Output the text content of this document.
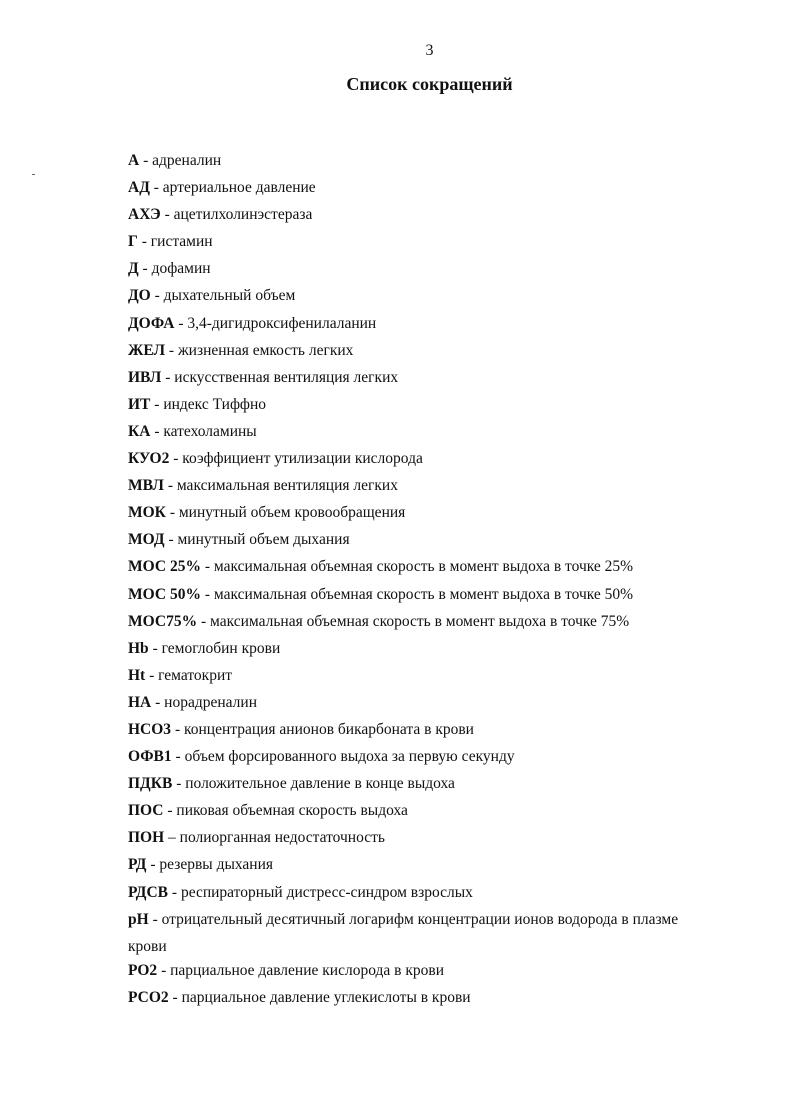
3
Список сокращений
А - адреналин
АД - артериальное давление
АХЭ - ацетилхолинэстераза
Г - гистамин
Д - дофамин
ДО - дыхательный объем
ДОФА - 3,4-дигидроксифенилаланин
ЖЕЛ - жизненная емкость легких
ИВЛ - искусственная вентиляция легких
ИТ - индекс Тиффно
КА - катехоламины
КУО2 - коэффициент утилизации кислорода
МВЛ - максимальная вентиляция легких
МОК - минутный объем кровообращения
МОД - минутный объем дыхания
МОС 25% - максимальная объемная скорость в момент выдоха в точке 25%
МОС 50% - максимальная объемная скорость в момент выдоха в точке 50%
МОС75% - максимальная объемная скорость в момент выдоха в точке 75%
Hb - гемоглобин крови
Ht - гематокрит
НА - норадреналин
НСО3 - концентрация анионов бикарбоната в крови
ОФВ1 - объем форсированного выдоха за первую секунду
ПДКВ - положительное давление в конце выдоха
ПОС - пиковая объемная скорость выдоха
ПОН – полиорганная недостаточность
РД - резервы дыхания
РДСВ - респираторный дистресс-синдром взрослых
рН - отрицательный десятичный логарифм концентрации ионов водорода в плазме крови
РО2 - парциальное давление кислорода в крови
РСО2 - парциальное давление углекислоты в крови
